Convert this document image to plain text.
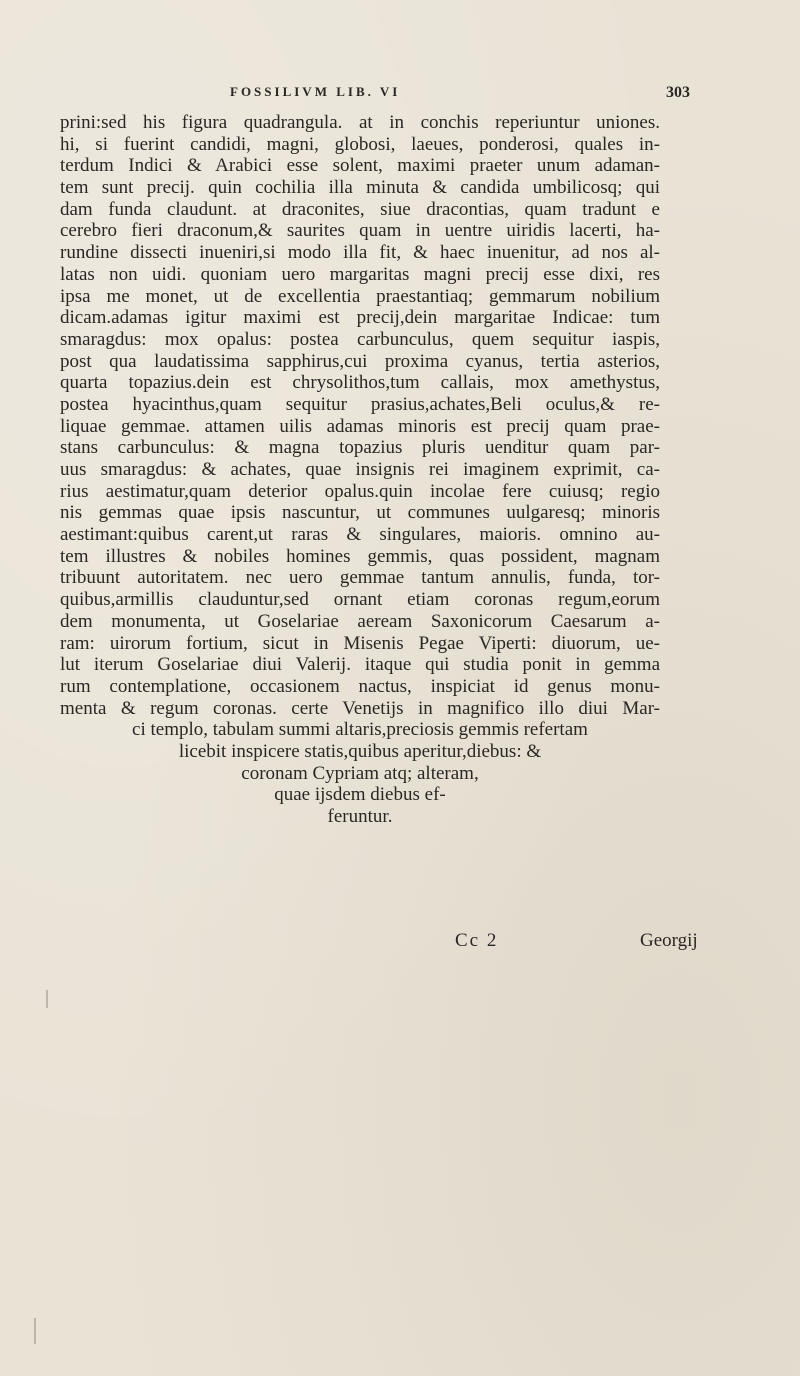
FOSSILIVM LIB. VI	303
prini:sed his figura quadrangula. at in conchis reperiuntur uniones.
hi, si fuerint candidi, magni, globosi, laeues, ponderosi, quales in-
terdum Indici & Arabici esse solent, maximi praeter unum adaman-
tem sunt precij. quin cochilia illa minuta & candida umbilicosq; qui
dam funda claudunt. at draconites, siue dracontias, quam tradunt e
cerebro fieri draconum,& saurites quam in uentre uiridis lacerti, ha-
rundine dissecti inueniri,si modo illa fit, & haec inuenitur, ad nos al-
latas non uidi. quoniam uero margaritas magni precij esse dixi, res
ipsa me monet, ut de excellentia praestantiaq; gemmarum nobilium
dicam.adamas igitur maximi est precij,dein margaritae Indicae: tum
smaragdus: mox opalus: postea carbunculus, quem sequitur iaspis,
post qua laudatissima sapphirus,cui proxima cyanus, tertia asterios,
quarta topazius.dein est chrysolithos,tum callais, mox amethystus,
postea hyacinthus,quam sequitur prasius,achates,Beli oculus,& re-
liquae gemmae. attamen uilis adamas minoris est precij quam prae-
stans carbunculus: & magna topazius pluris uenditur quam par-
uus smaragdus: & achates, quae insignis rei imaginem exprimit, ca-
rius aestimatur,quam deterior opalus.quin incolae fere cuiusq; regio
nis gemmas quae ipsis nascuntur, ut communes uulgaresq; minoris
aestimant:quibus carent,ut raras & singulares, maioris. omnino au-
tem illustres & nobiles homines gemmis, quas possident, magnam
tribuunt autoritatem. nec uero gemmae tantum annulis, funda, tor-
quibus,armillis clauduntur,sed ornant etiam coronas regum,eorum
dem monumenta, ut Goselariae aeream Saxonicorum Caesarum a-
ram: uirorum fortium, sicut in Misenis Pegae Viperti: diuorum, ue-
lut iterum Goselariae diui Valerij. itaque qui studia ponit in gemma
rum contemplatione, occasionem nactus, inspiciat id genus monu-
menta & regum coronas. certe Venetijs in magnifico illo diui Mar-
ci templo, tabulam summi altaris,preciosis gemmis refertam
licebit inspicere statis,quibus aperitur,diebus: &
coronam Cypriam atq; alteram,
quae ijsdem diebus ef-
feruntur.
Cc 2	Georgij
